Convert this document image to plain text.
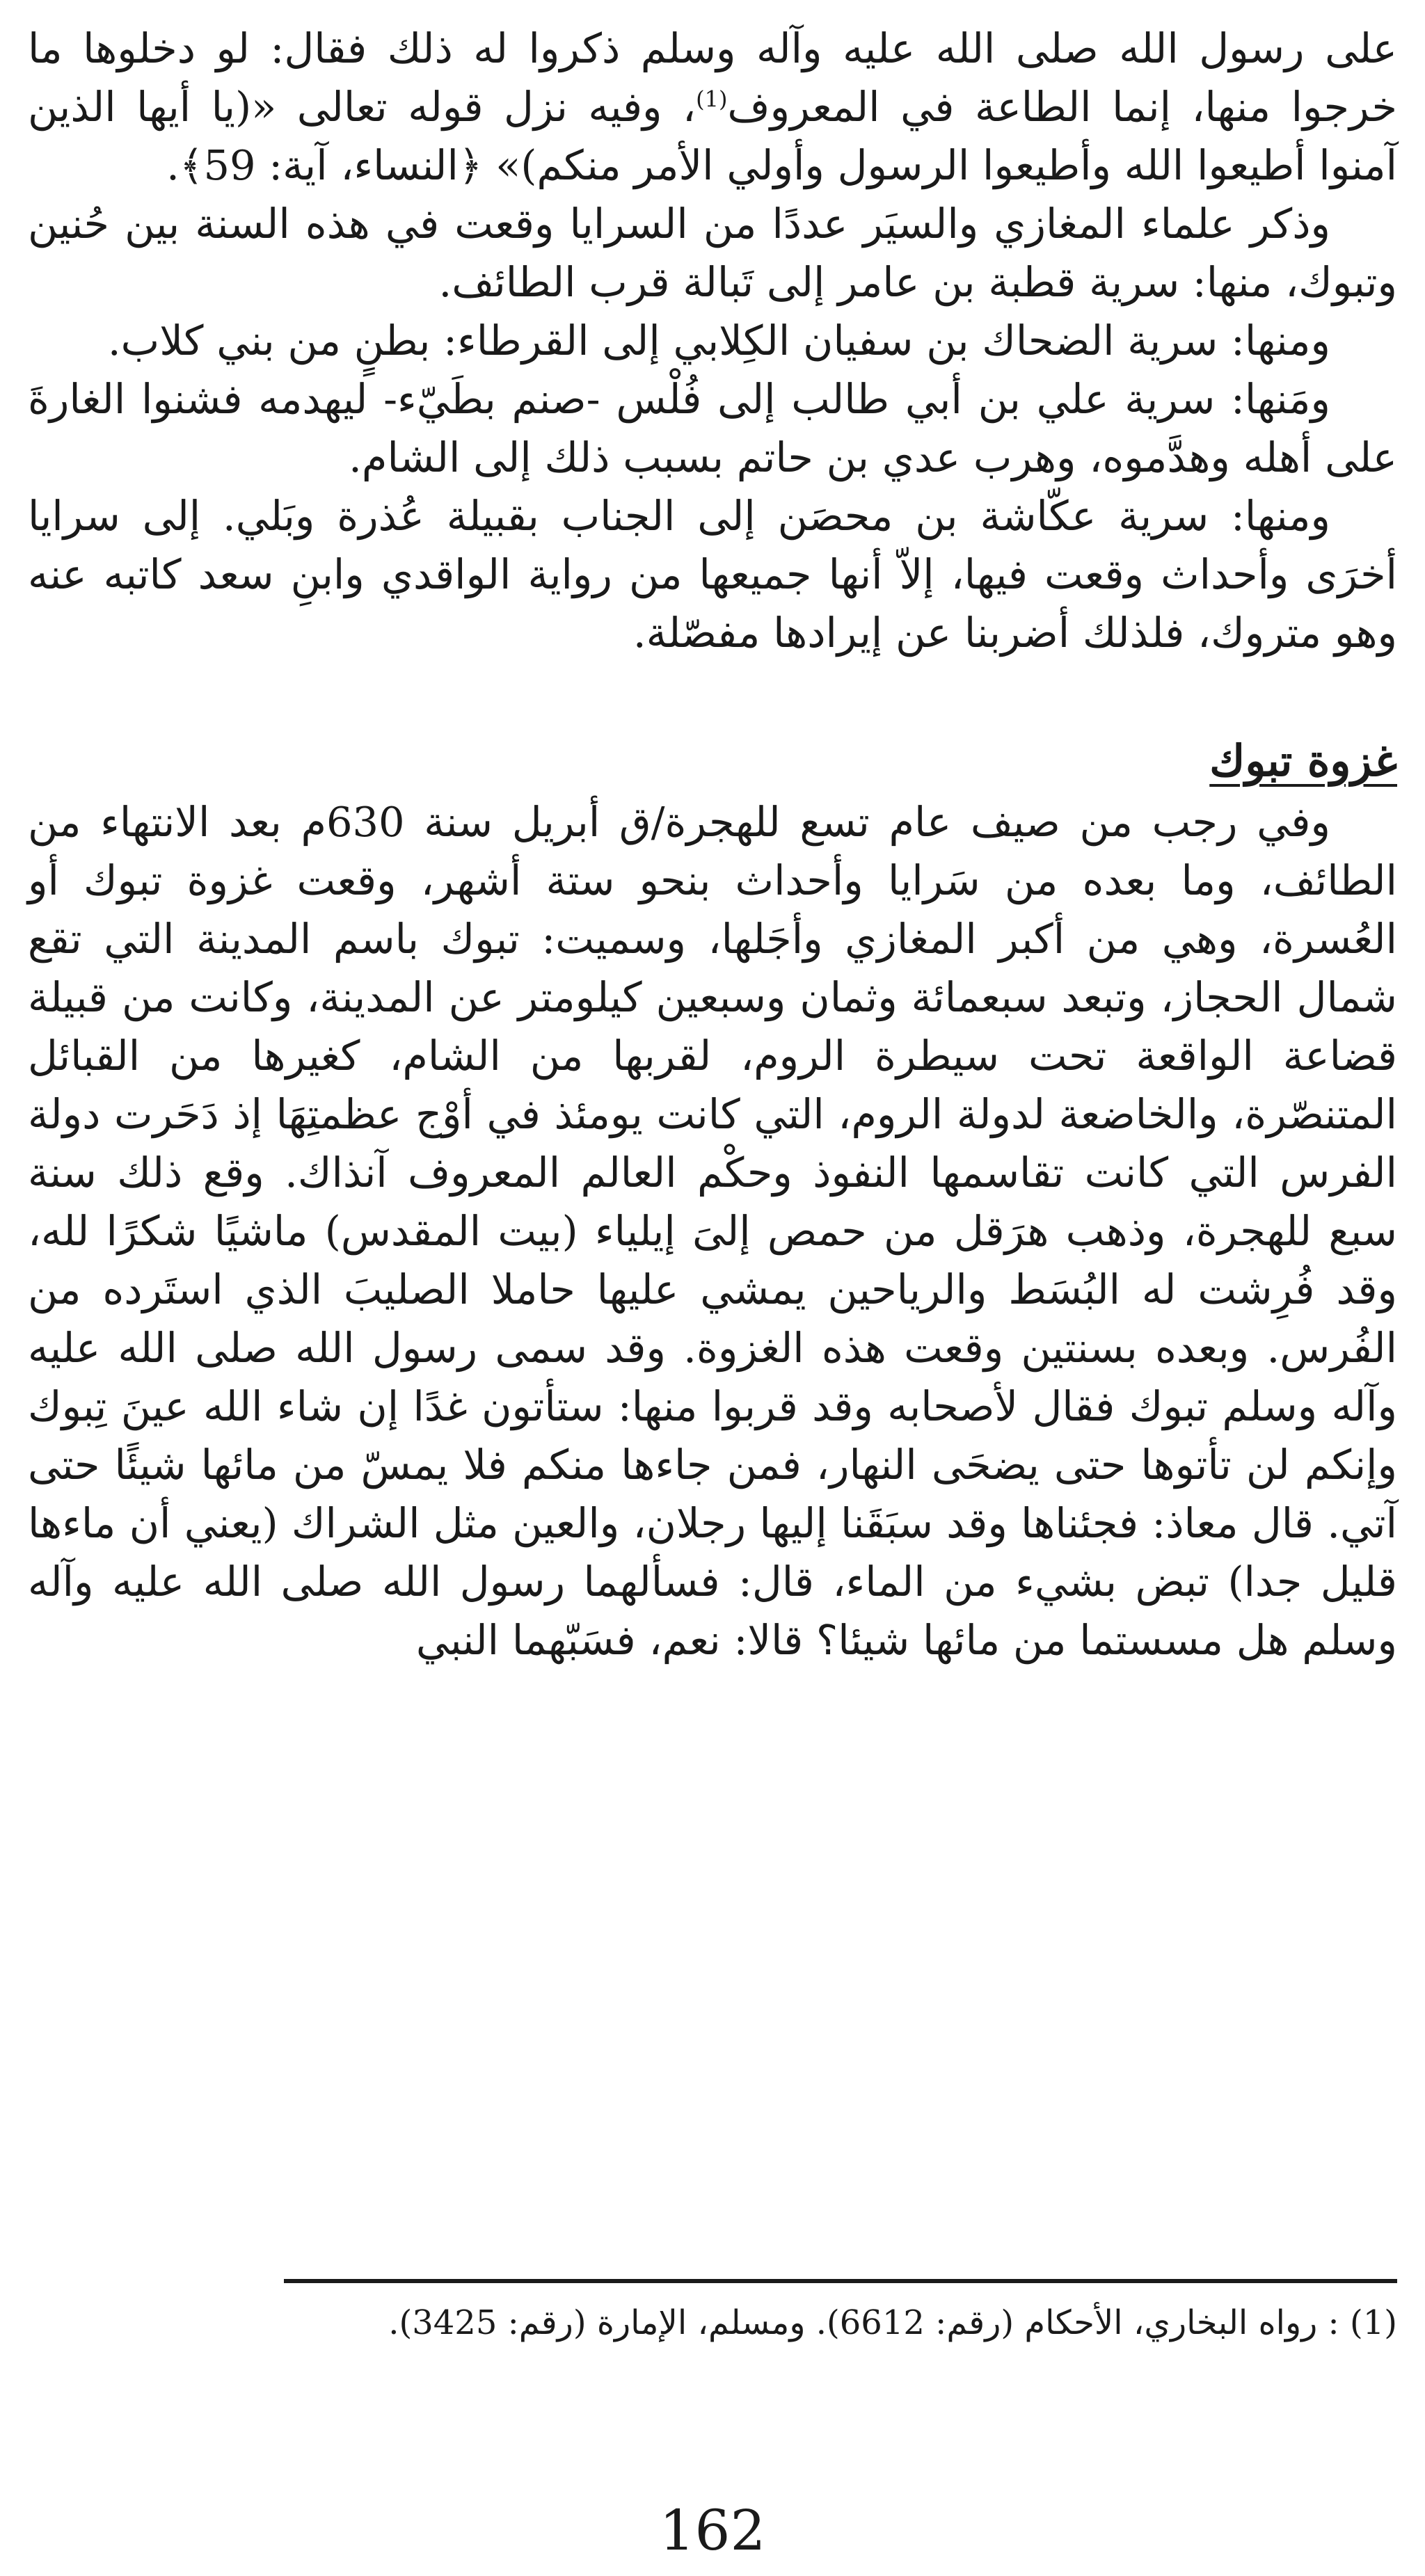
على رسول الله صلى الله عليه وآله وسلم ذكروا له ذلك فقال: لو دخلوها ما خرجوا منها، إنما الطاعة في المعروف$^{(1)}$، وفيه نزل قوله تعالى «(يا أيها الذين آمنوا أطيعوا الله وأطيعوا الرسول وأولي الأمر منكم)» ﴿النساء، آية: 59﴾.

وذكر علماء المغازي والسيَر عددًا من السرايا وقعت في هذه السنة بين حُنين وتبوك، منها: سرية قطبة بن عامر إلى تَبالة قرب الطائف.

ومنها: سرية الضحاك بن سفيان الكِلابي إلى القرطاء: بطنٍ من بني كلاب.

ومَنها: سرية علي بن أبي طالب إلى فُلْس -صنم بطَيّء- ليهدمه فشنوا الغارةَ على أهله وهدَّموه، وهرب عدي بن حاتم بسبب ذلك إلى الشام.

ومنها: سرية عكّاشة بن محصَن إلى الجناب بقبيلة عُذرة وبَلي. إلى سرايا أخرَى وأحداث وقعت فيها، إلاّ أنها جميعها من رواية الواقدي وابنِ سعد كاتبه عنه وهو متروك، فلذلك أضربنا عن إيرادها مفصّلة.

غزوة تبوك

وفي رجب من صيف عام تسع للهجرة/ق أبريل سنة 630م بعد الانتهاء من الطائف، وما بعده من سَرايا وأحداث بنحو ستة أشهر، وقعت غزوة تبوك أو العُسرة، وهي من أكبر المغازي وأجَلها، وسميت: تبوك باسم المدينة التي تقع شمال الحجاز، وتبعد سبعمائة وثمان وسبعين كيلومتر عن المدينة، وكانت من قبيلة قضاعة الواقعة تحت سيطرة الروم، لقربها من الشام، كغيرها من القبائل المتنصّرة، والخاضعة لدولة الروم، التي كانت يومئذ في أوْج عظمتِهَا إذ دَحَرت دولة الفرس التي كانت تقاسمها النفوذ وحكْم العالم المعروف آنذاك. وقع ذلك سنة سبع للهجرة، وذهب هرَقل من حمص إلىَ إيلياء (بيت المقدس) ماشيًا شكرًا لله، وقد فُرِشت له البُسَط والرياحين يمشي عليها حاملا الصليبَ الذي استَرده من الفُرس. وبعده بسنتين وقعت هذه الغزوة. وقد سمى رسول الله صلى الله عليه وآله وسلم تبوك فقال لأصحابه وقد قربوا منها: ستأتون غدًا إن شاء الله عينَ تِبوك وإنكم لن تأتوها حتى يضحَى النهار، فمن جاءها منكم فلا يمسّ من مائها شيئًا حتى آتي. قال معاذ: فجئناها وقد سبَقَنا إليها رجلان، والعين مثل الشراك (يعني أن ماءها قليل جدا) تبض بشيء من الماء، قال: فسألهما رسول الله صلى الله عليه وآله وسلم هل مسستما من مائها شيئا؟ قالا: نعم، فسَبّهما النبي

(1) : رواه البخاري، الأحكام (رقم: 6612). ومسلم، الإمارة (رقم: 3425).

162
